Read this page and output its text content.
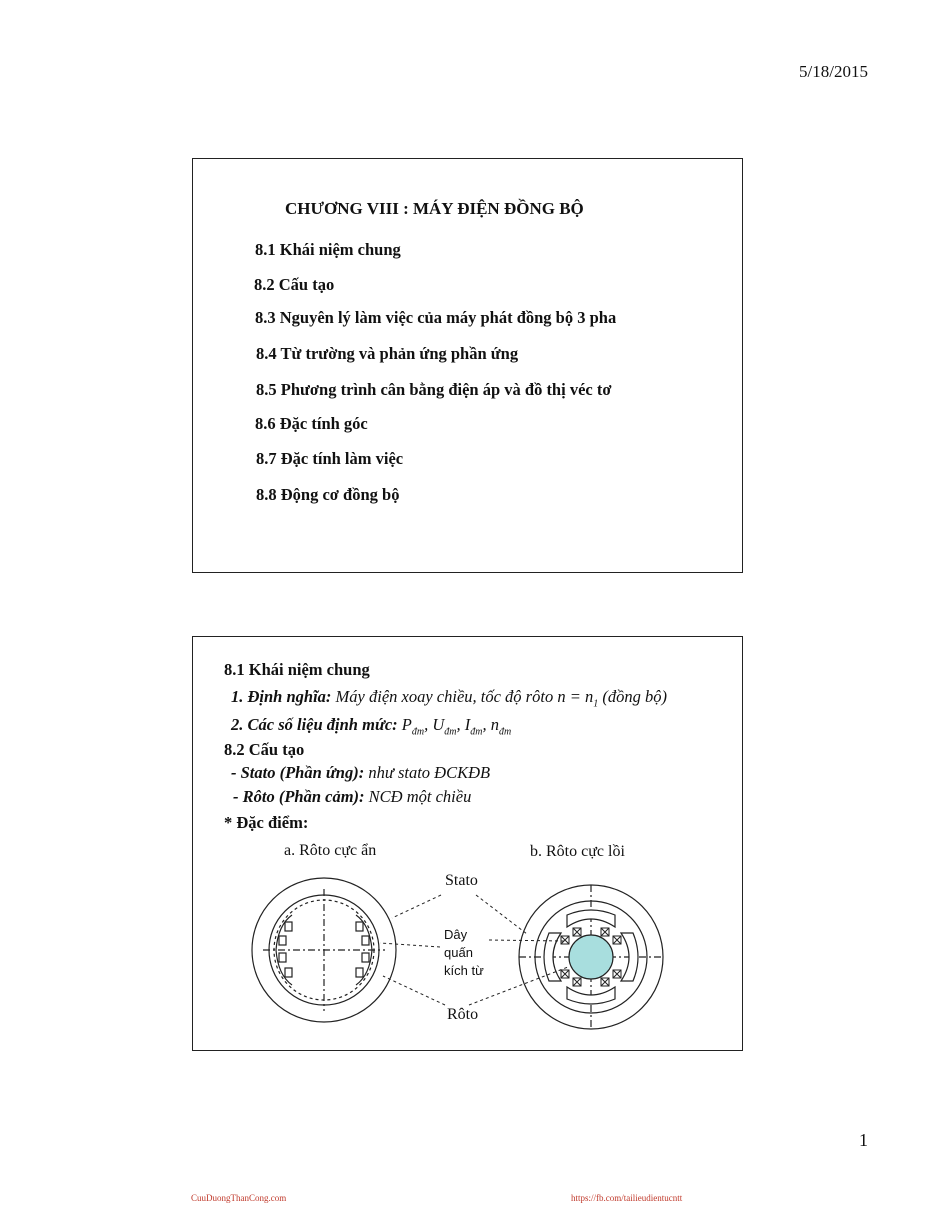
5/18/2015
CHƯƠNG VIII : MÁY ĐIỆN ĐỒNG BỘ
8.1 Khái niệm chung
8.2 Cấu tạo
8.3 Nguyên lý làm việc của máy phát đồng bộ 3 pha
8.4 Từ trường và phản ứng phần ứng
8.5 Phương trình cân bằng điện áp và đồ thị véc tơ
8.6 Đặc tính góc
8.7 Đặc tính làm việc
8.8 Động cơ đồng bộ
8.1 Khái niệm chung
1. Định nghĩa: Máy điện xoay chiều, tốc độ rôto $n = n_1$ (đồng bộ)
2. Các số liệu định mức: $P_{đm}$, $U_{đm}$, $I_{đm}$, $n_{đm}$
8.2 Cấu tạo
- Stato (Phần ứng): như stato ĐCKĐB
- Rôto (Phần cảm): NCĐ một chiều
* Đặc điểm:
a. Rôto cực ẩn	b. Rôto cực lồi
Stato
Dây
quấn
kích từ
Rôto
1
CuuDuongThanCong.com	https://fb.com/tailieudientucntt
